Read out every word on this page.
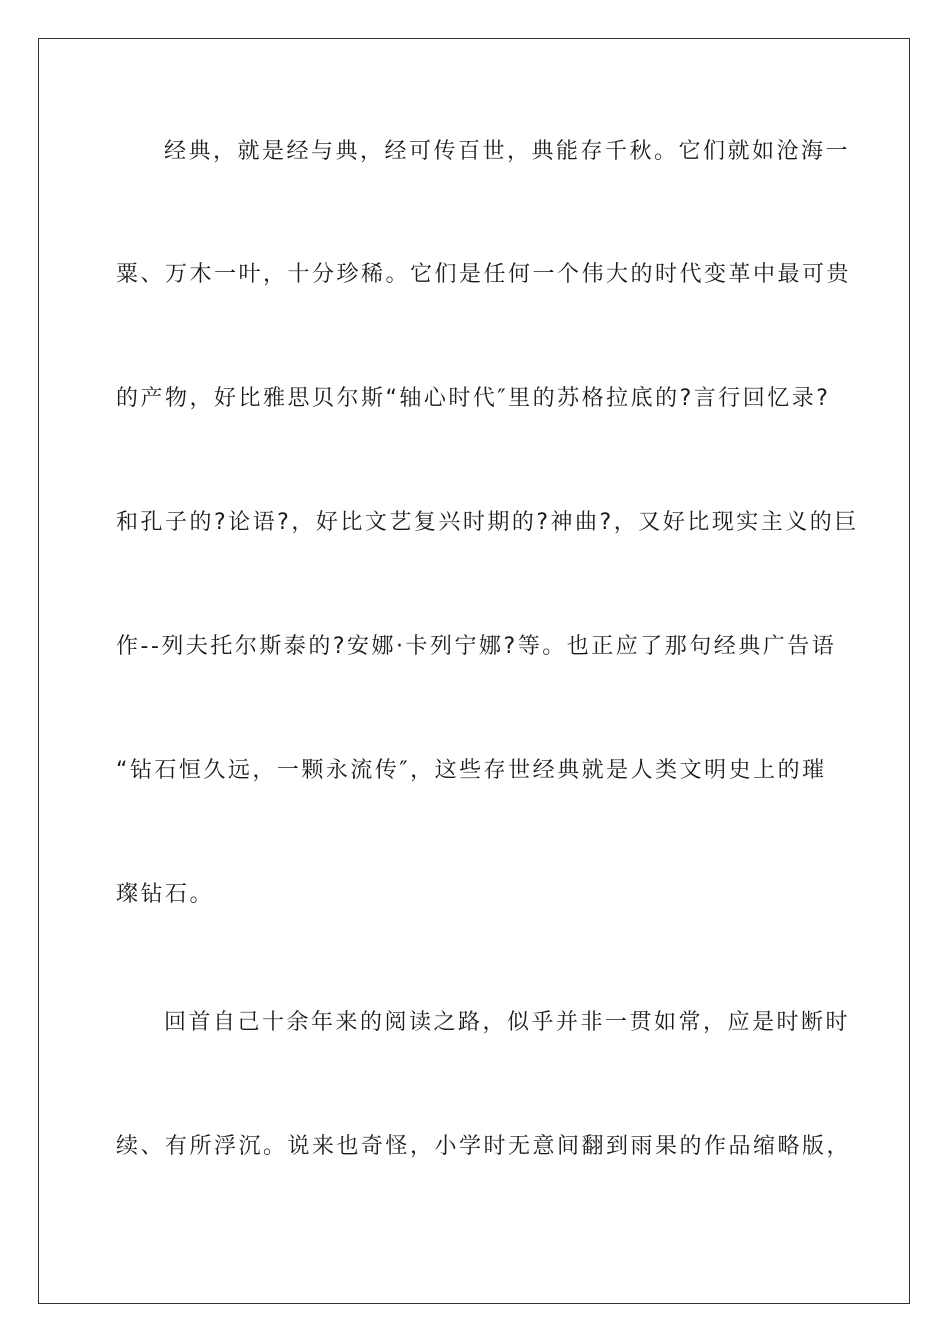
经典，就是经与典，经可传百世，典能存千秋。它们就如沧海一

粟、万木一叶，十分珍稀。它们是任何一个伟大的时代变革中最可贵

的产物，好比雅思贝尔斯“轴心时代″里的苏格拉底的?言行回忆录?

和孔子的?论语?，好比文艺复兴时期的?神曲?，又好比现实主义的巨

作--列夫托尔斯泰的?安娜·卡列宁娜?等。也正应了那句经典广告语

“钻石恒久远，一颗永流传″，这些存世经典就是人类文明史上的璀

璨钻石。

回首自己十余年来的阅读之路，似乎并非一贯如常，应是时断时

续、有所浮沉。说来也奇怪，小学时无意间翻到雨果的作品缩略版，
